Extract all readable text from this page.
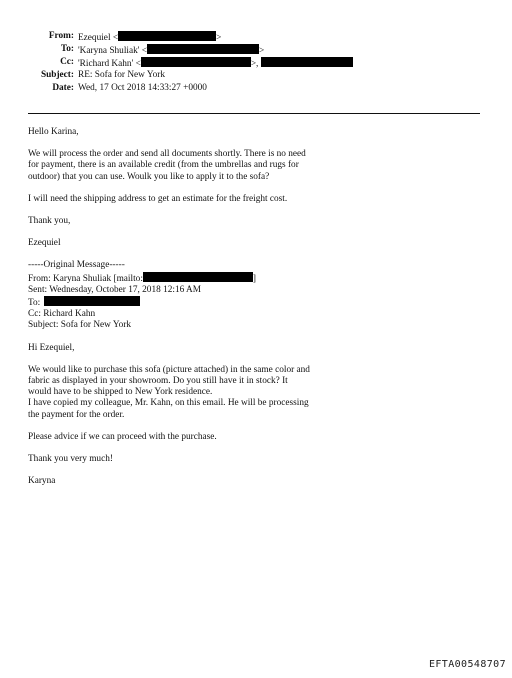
From: Ezequiel <	>
To: 'Karyna Shuliak' <	>
Cc: 'Richard Kahn' <	>,
Subject: RE: Sofa for New York
Date: Wed, 17 Oct 2018 14:33:27 +0000

Hello Karina,

We will process the order and send all documents shortly. There is no need
for payment, there is an available credit (from the umbrellas and rugs for
outdoor) that you can use. Woulk you like to apply it to the sofa?

I will need the shipping address to get an estimate for the freight cost.

Thank you,

Ezequiel

-----Original Message-----
From: Karyna Shuliak [mailto:	]
Sent: Wednesday, October 17, 2018 12:16 AM
To:
Cc: Richard Kahn
Subject: Sofa for New York

Hi Ezequiel,

We would like to purchase this sofa (picture attached) in the same color and
fabric as displayed in your showroom. Do you still have it in stock? It
would have to be shipped to New York residence.
I have copied my colleague, Mr. Kahn, on this email. He will be processing
the payment for the order.

Please advice if we can proceed with the purchase.

Thank you very much!

Karyna

EFTA00548707
